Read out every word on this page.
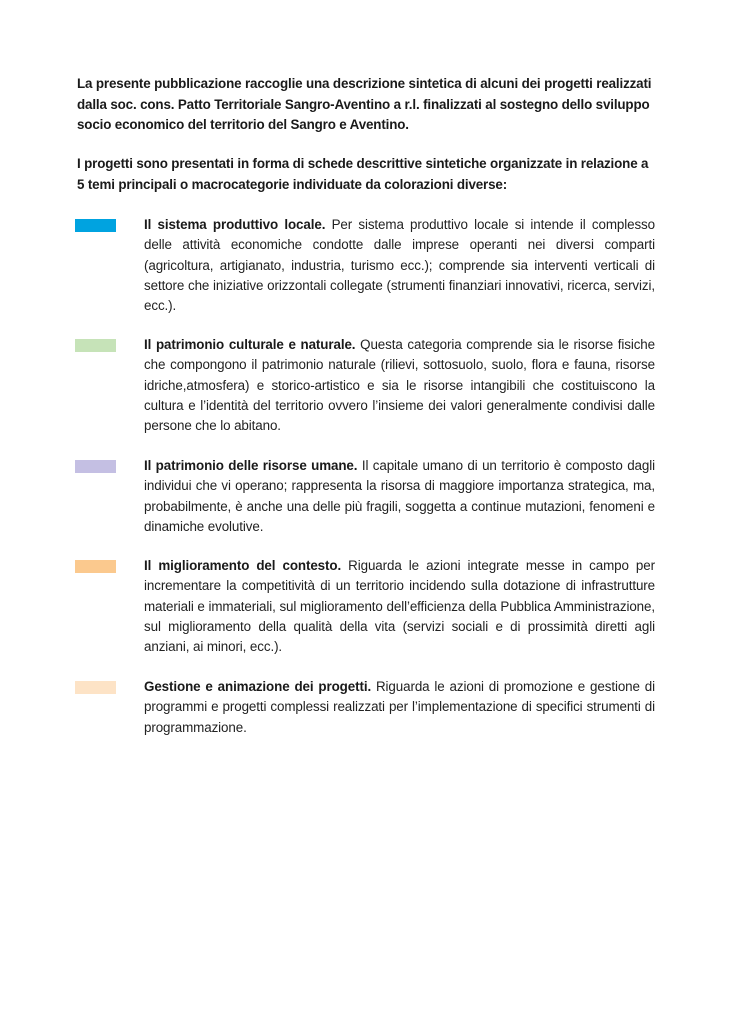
La presente pubblicazione raccoglie una descrizione sintetica di alcuni dei progetti realizzati dalla soc. cons. Patto Territoriale Sangro-Aventino a r.l. finalizzati al sostegno dello sviluppo socio economico del territorio del Sangro e Aventino.

I progetti sono presentati in forma di schede descrittive sintetiche organizzate in relazione a 5 temi principali o macrocategorie individuate da colorazioni diverse:

Il sistema produttivo locale. Per sistema produttivo locale si intende il complesso delle attività economiche condotte dalle imprese operanti nei diversi comparti (agricoltura, artigianato, industria, turismo ecc.); comprende sia interventi verticali di settore che iniziative orizzontali collegate (strumenti finanziari innovativi, ricerca, servizi, ecc.).

Il patrimonio culturale e naturale. Questa categoria comprende sia le risorse fisiche che compongono il patrimonio naturale (rilievi, sottosuolo, suolo, flora e fauna, risorse idriche,atmosfera) e storico-artistico e sia le risorse intangibili che costituiscono la cultura e l’identità del territorio ovvero l’insieme dei valori generalmente condivisi dalle persone che lo abitano.

Il patrimonio delle risorse umane. Il capitale umano di un territorio è composto dagli individui che vi operano; rappresenta la risorsa di maggiore importanza strategica, ma, probabilmente, è anche una delle più fragili, soggetta a continue mutazioni, fenomeni e dinamiche evolutive.

Il miglioramento del contesto. Riguarda le azioni integrate messe in campo per incrementare la competitività di un territorio incidendo sulla dotazione di infrastrutture materiali e immateriali, sul miglioramento dell’efficienza della Pubblica Amministrazione, sul miglioramento della qualità della vita (servizi sociali e di prossimità diretti agli anziani, ai minori, ecc.).

Gestione e animazione dei progetti. Riguarda le azioni di promozione e gestione di programmi e progetti complessi realizzati per l’implementazione di specifici strumenti di programmazione.
